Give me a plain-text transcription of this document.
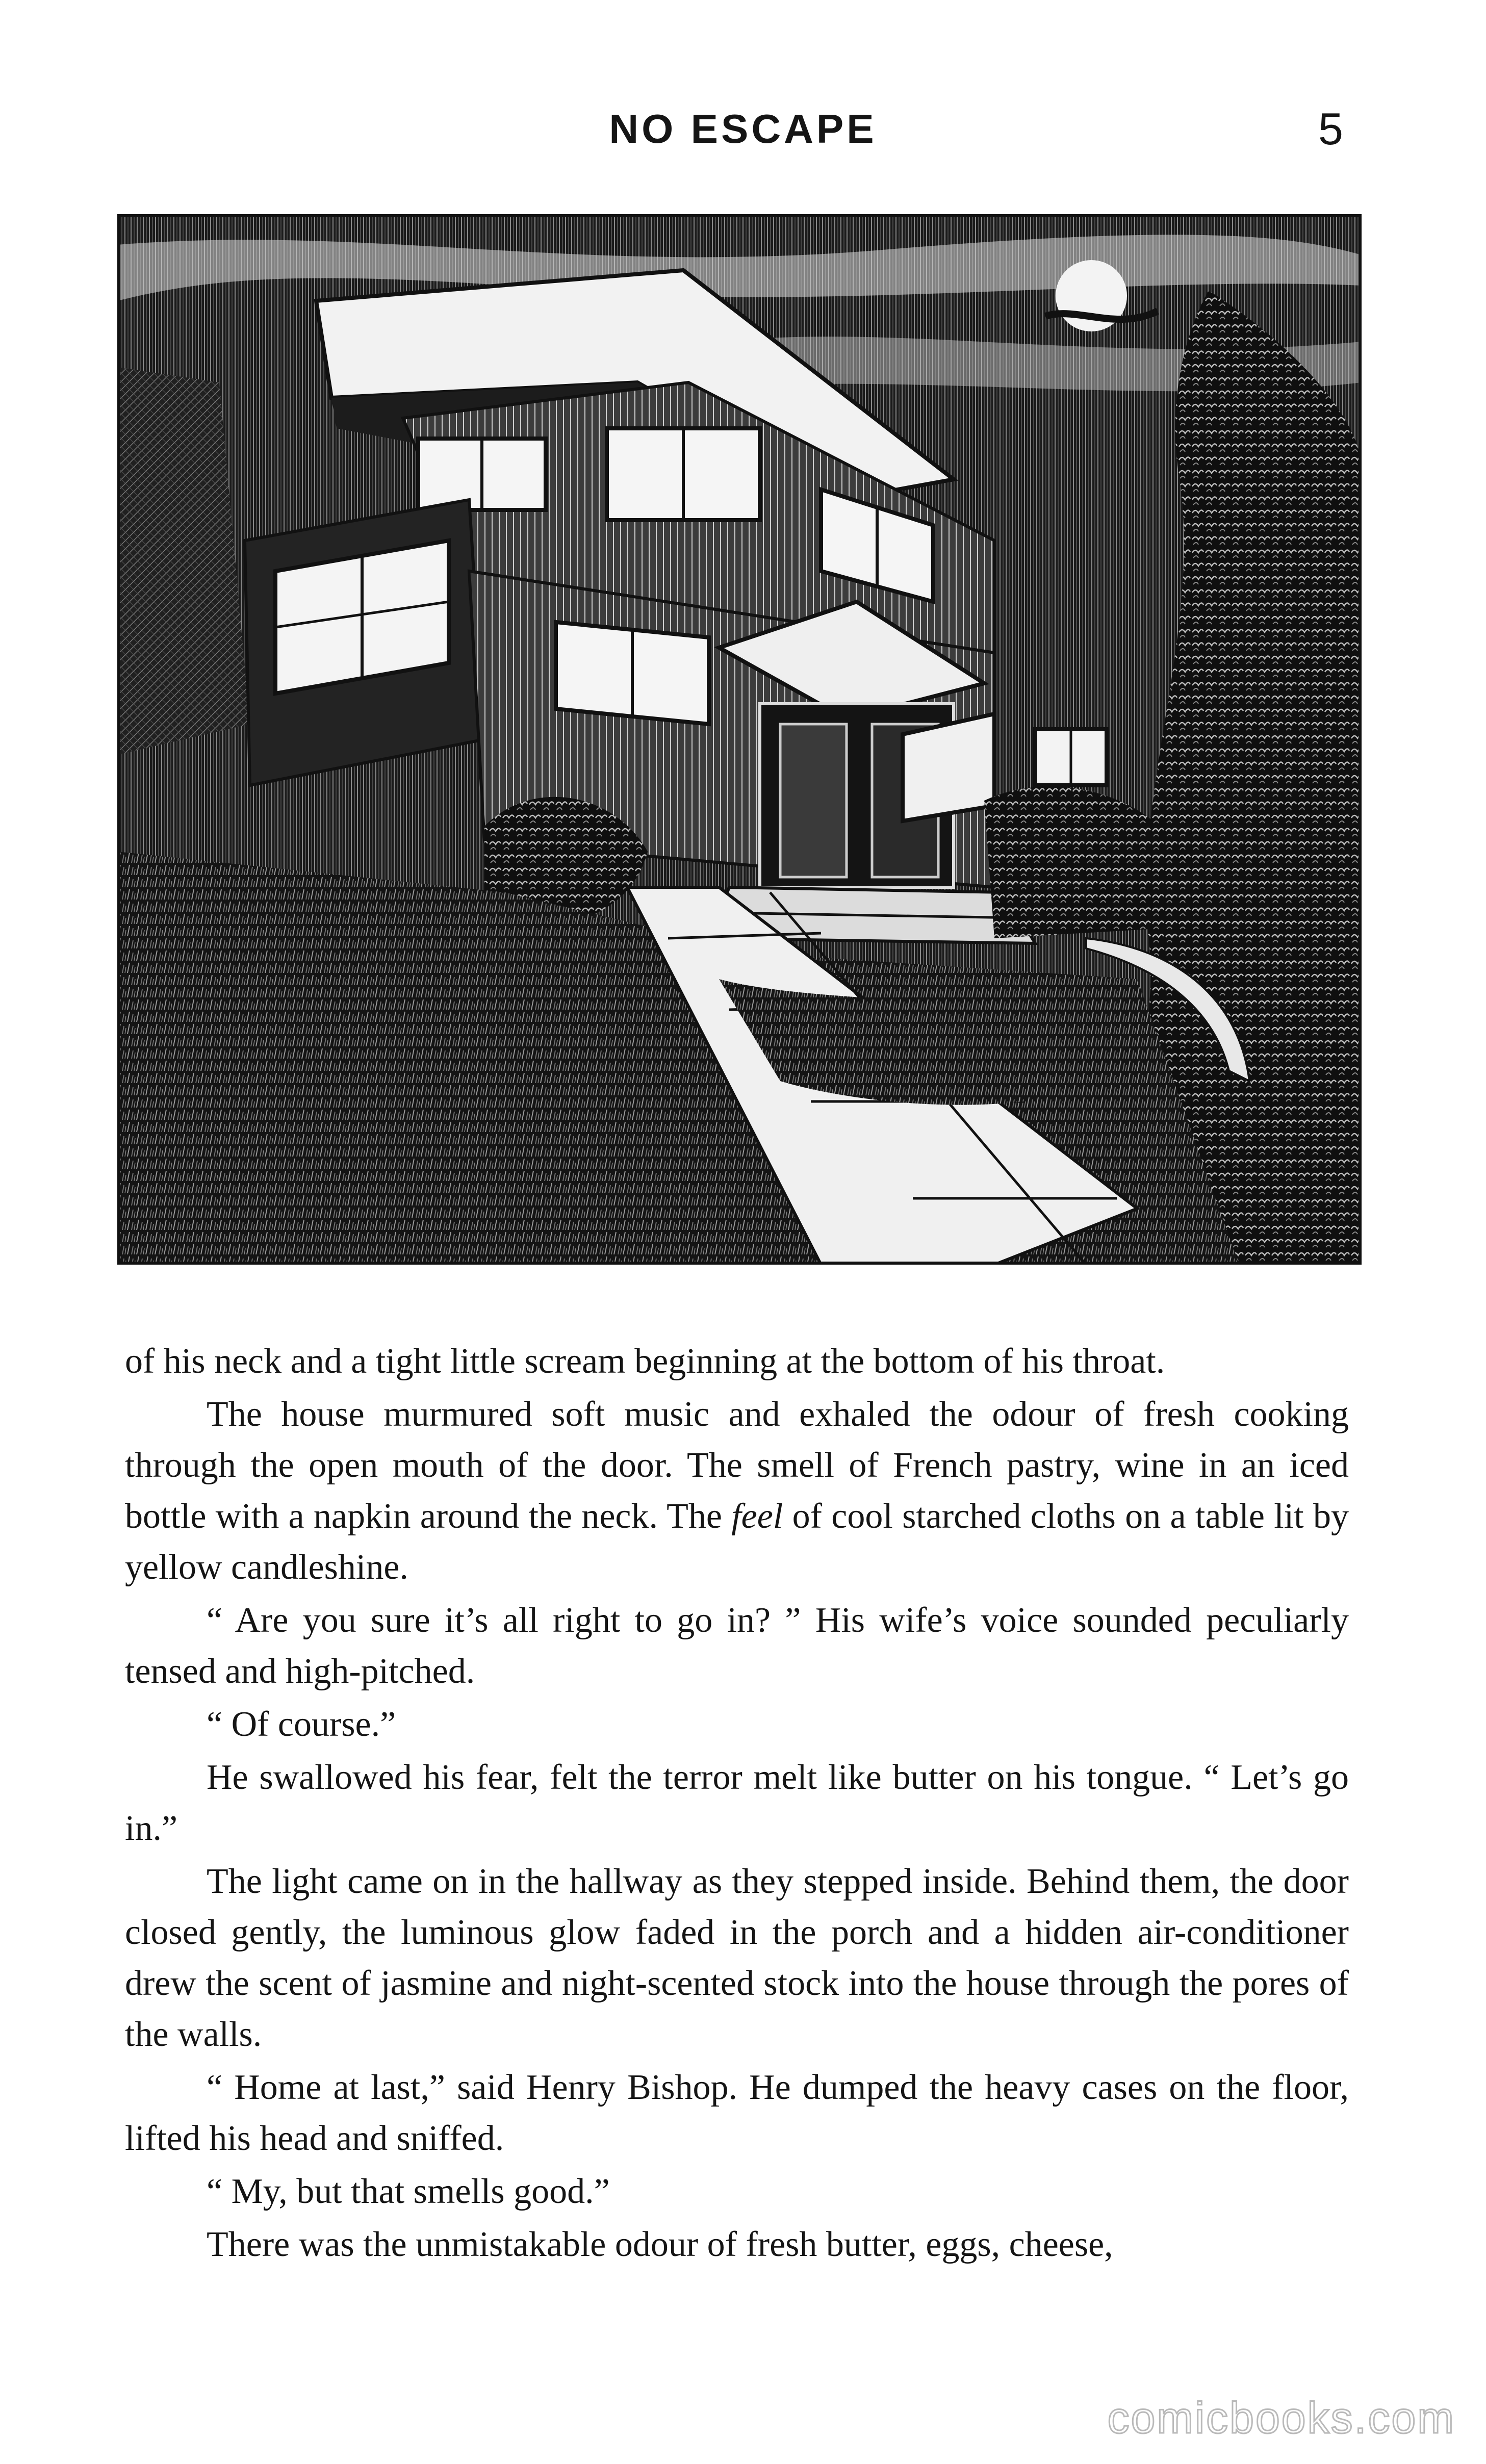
NO ESCAPE	5

of his neck and a tight little scream beginning at the bottom of his throat.

The house murmured soft music and exhaled the odour of fresh cooking through the open mouth of the door. The smell of French pastry, wine in an iced bottle with a napkin around the neck. The feel of cool starched cloths on a table lit by yellow candleshine.

“ Are you sure it’s all right to go in? ” His wife’s voice sounded peculiarly tensed and high-pitched.

“ Of course.”

He swallowed his fear, felt the terror melt like butter on his tongue. “ Let’s go in.”

The light came on in the hallway as they stepped inside. Behind them, the door closed gently, the luminous glow faded in the porch and a hidden air-conditioner drew the scent of jasmine and night-scented stock into the house through the pores of the walls.

“ Home at last,” said Henry Bishop. He dumped the heavy cases on the floor, lifted his head and sniffed.

“ My, but that smells good.”

There was the unmistakable odour of fresh butter, eggs, cheese,

comicbooks.com
